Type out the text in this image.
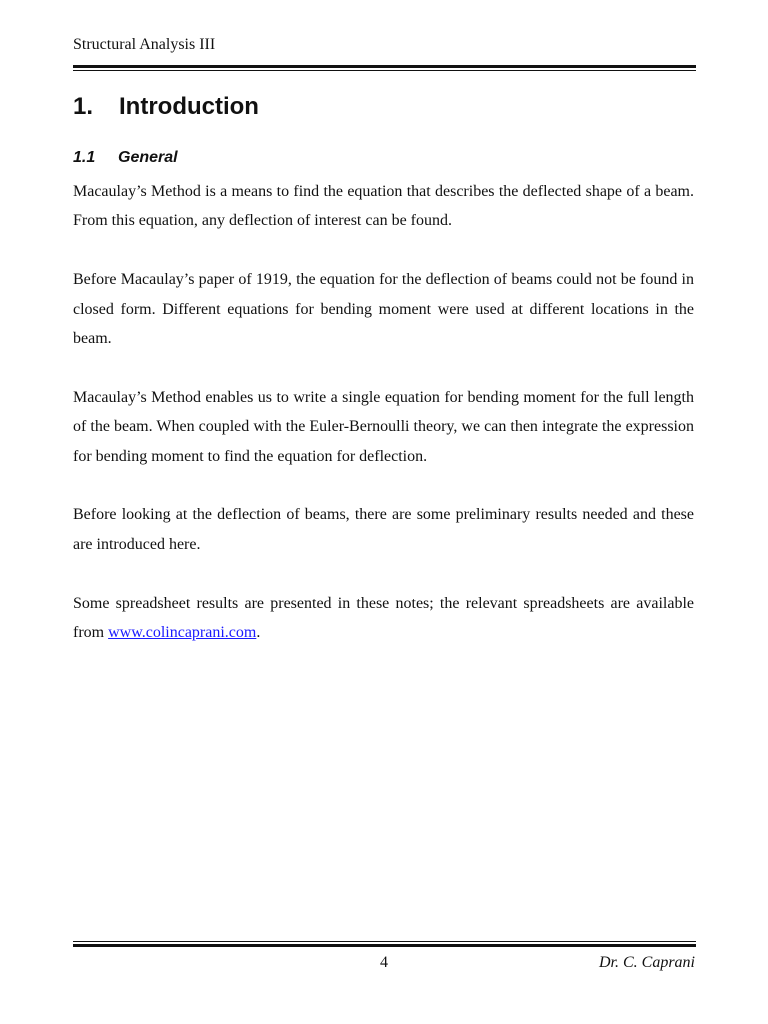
Structural Analysis III
1. Introduction
1.1 General

Macaulay’s Method is a means to find the equation that describes the deflected shape of a beam. From this equation, any deflection of interest can be found.

Before Macaulay’s paper of 1919, the equation for the deflection of beams could not be found in closed form. Different equations for bending moment were used at different locations in the beam.

Macaulay’s Method enables us to write a single equation for bending moment for the full length of the beam. When coupled with the Euler-Bernoulli theory, we can then integrate the expression for bending moment to find the equation for deflection.

Before looking at the deflection of beams, there are some preliminary results needed and these are introduced here.

Some spreadsheet results are presented in these notes; the relevant spreadsheets are available from www.colincaprani.com.

4	Dr. C. Caprani
